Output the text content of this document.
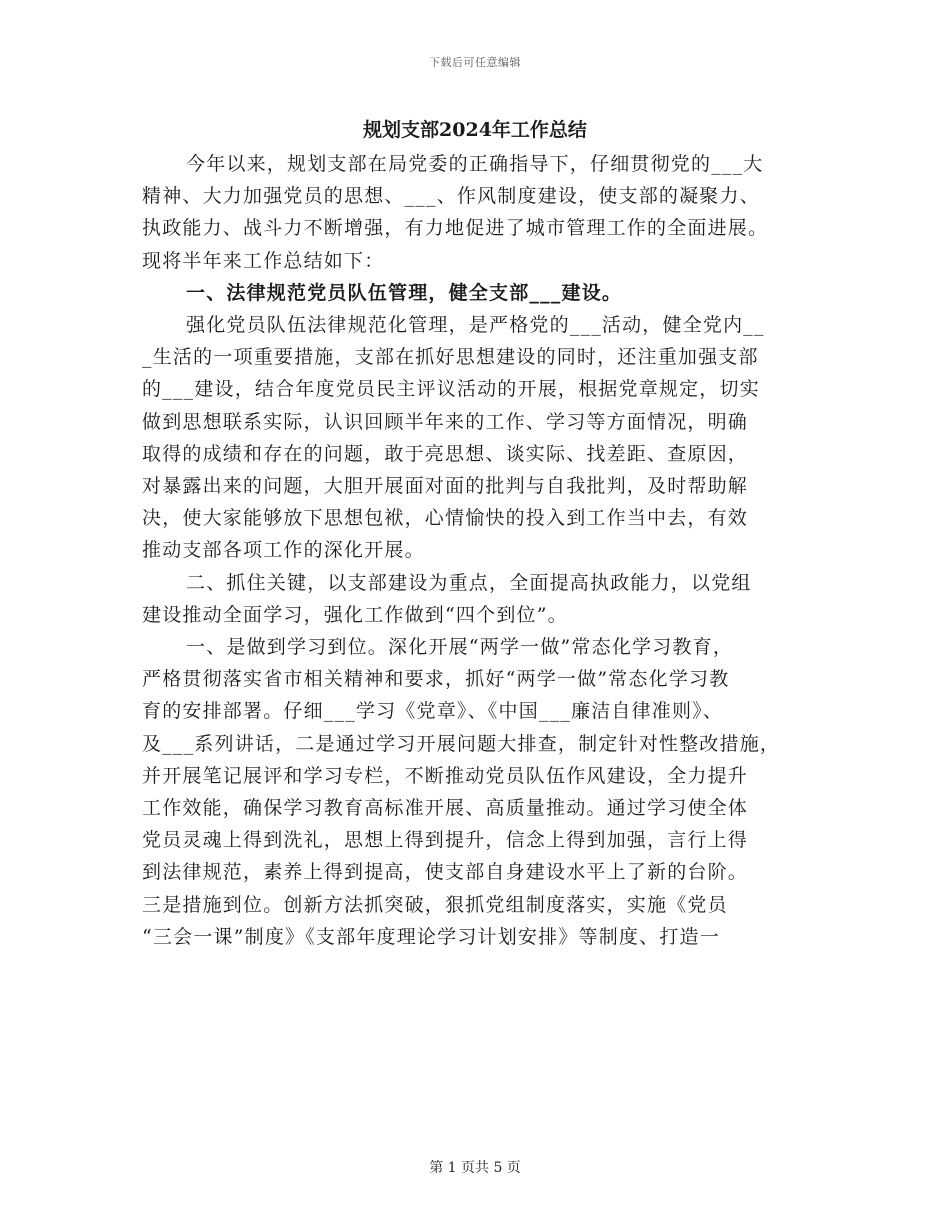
下载后可任意编辑
规划支部2024年工作总结
今年以来，规划支部在局党委的正确指导下，仔细贯彻党的___大
精神、大力加强党员的思想、___、作风制度建设，使支部的凝聚力、
执政能力、战斗力不断增强，有力地促进了城市管理工作的全面进展。
现将半年来工作总结如下：
一、法律规范党员队伍管理，健全支部___建设。
强化党员队伍法律规范化管理，是严格党的___活动，健全党内__
_生活的一项重要措施，支部在抓好思想建设的同时，还注重加强支部
的___建设，结合年度党员民主评议活动的开展，根据党章规定，切实
做到思想联系实际，认识回顾半年来的工作、学习等方面情况，明确
取得的成绩和存在的问题，敢于亮思想、谈实际、找差距、查原因，
对暴露出来的问题，大胆开展面对面的批判与自我批判，及时帮助解
决，使大家能够放下思想包袱，心情愉快的投入到工作当中去，有效
推动支部各项工作的深化开展。
二、抓住关键，以支部建设为重点，全面提高执政能力，以党组
建设推动全面学习，强化工作做到“四个到位”。
一、是做到学习到位。深化开展“两学一做”常态化学习教育，
严格贯彻落实省市相关精神和要求，抓好“两学一做”常态化学习教
育的安排部署。仔细___学习《党章》、《中国___廉洁自律准则》、
及___系列讲话，二是通过学习开展问题大排查，制定针对性整改措施，
并开展笔记展评和学习专栏，不断推动党员队伍作风建设，全力提升
工作效能，确保学习教育高标准开展、高质量推动。通过学习使全体
党员灵魂上得到洗礼，思想上得到提升，信念上得到加强，言行上得
到法律规范，素养上得到提高，使支部自身建设水平上了新的台阶。
三是措施到位。创新方法抓突破，狠抓党组制度落实，实施《党员
“三会一课”制度》《支部年度理论学习计划安排》等制度、打造一
第 1 页共 5 页
